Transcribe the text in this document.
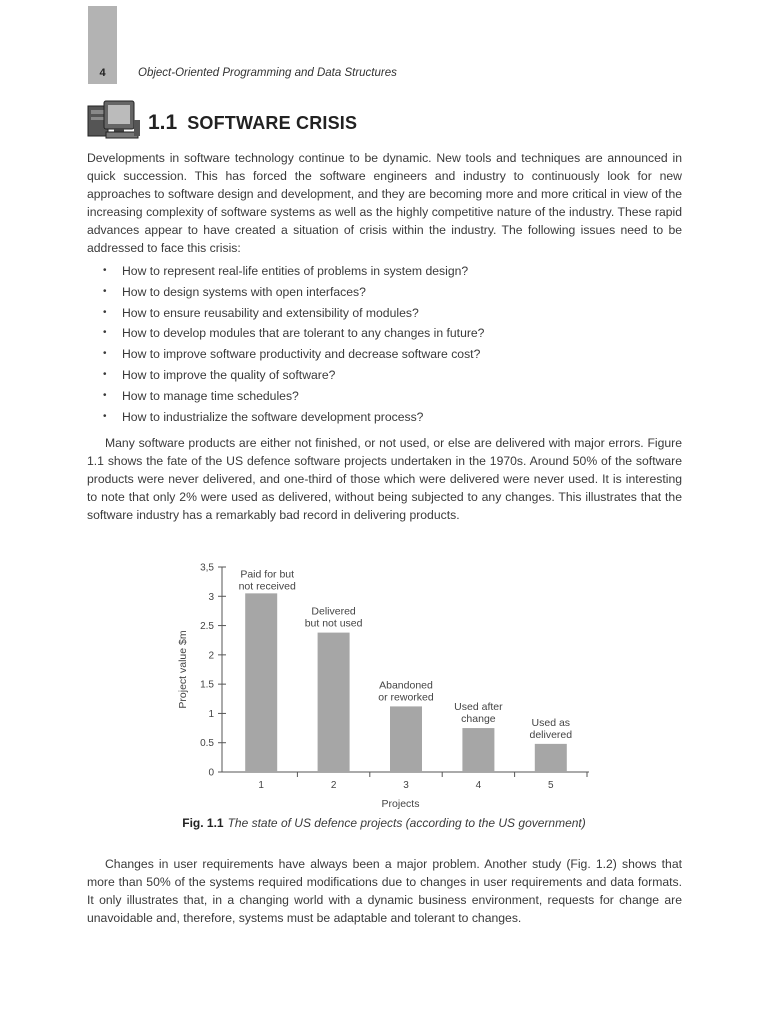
4	Object-Oriented Programming and Data Structures
1.1 SOFTWARE CRISIS
Developments in software technology continue to be dynamic. New tools and techniques are announced in quick succession. This has forced the software engineers and industry to continuously look for new approaches to software design and development, and they are becoming more and more critical in view of the increasing complexity of software systems as well as the highly competitive nature of the industry. These rapid advances appear to have created a situation of crisis within the industry. The following issues need to be addressed to face this crisis:
• How to represent real-life entities of problems in system design?
• How to design systems with open interfaces?
• How to ensure reusability and extensibility of modules?
• How to develop modules that are tolerant to any changes in future?
• How to improve software productivity and decrease software cost?
• How to improve the quality of software?
• How to manage time schedules?
• How to industrialize the software development process?
Many software products are either not finished, or not used, or else are delivered with major errors. Figure 1.1 shows the fate of the US defence software projects undertaken in the 1970s. Around 50% of the software products were never delivered, and one-third of those which were delivered were never used. It is interesting to note that only 2% were used as delivered, without being subjected to any changes. This illustrates that the software industry has a remarkably bad record in delivering products.
0
0.5
1
1.5
2
2.5
3
3,5
Project value $m
1
Paid for but
not received
2
Delivered
but not used
3
Abandoned
or reworked
4
Used after
change
5
Used as
delivered
Projects
Fig. 1.1 The state of US defence projects (according to the US government)
Changes in user requirements have always been a major problem. Another study (Fig. 1.2) shows that more than 50% of the systems required modifications due to changes in user requirements and data formats. It only illustrates that, in a changing world with a dynamic business environment, requests for change are unavoidable and, therefore, systems must be adaptable and tolerant to changes.
